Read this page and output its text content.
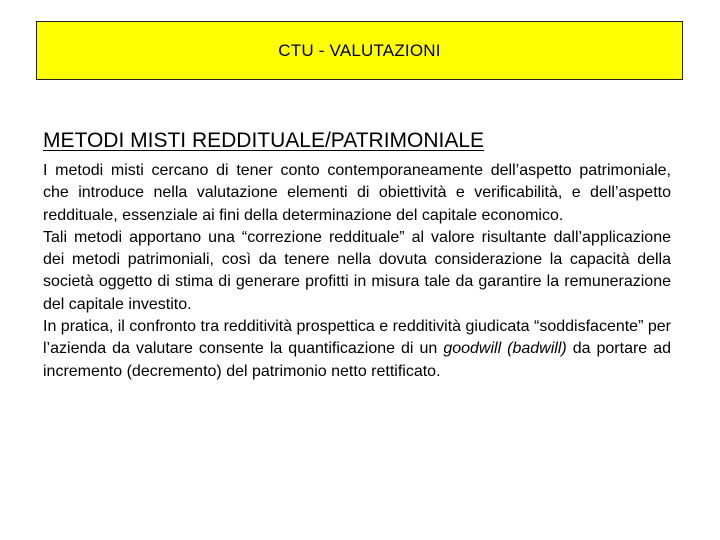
CTU - VALUTAZIONI
METODI MISTI REDDITUALE/PATRIMONIALE

I metodi misti cercano di tener conto contemporaneamente dell’aspetto patrimoniale, che introduce nella valutazione elementi di obiettività e verificabilità, e dell’aspetto reddituale, essenziale ai fini della determinazione del capitale economico.

Tali metodi apportano una “correzione reddituale” al valore risultante dall’applicazione dei metodi patrimoniali, così da tenere nella dovuta considerazione la capacità della società oggetto di stima di generare profitti in misura tale da garantire la remunerazione del capitale investito.

In pratica, il confronto tra redditività prospettica e redditività giudicata “soddisfacente” per l’azienda da valutare consente la quantificazione di un goodwill (badwill) da portare ad incremento (decremento) del patrimonio netto rettificato.
